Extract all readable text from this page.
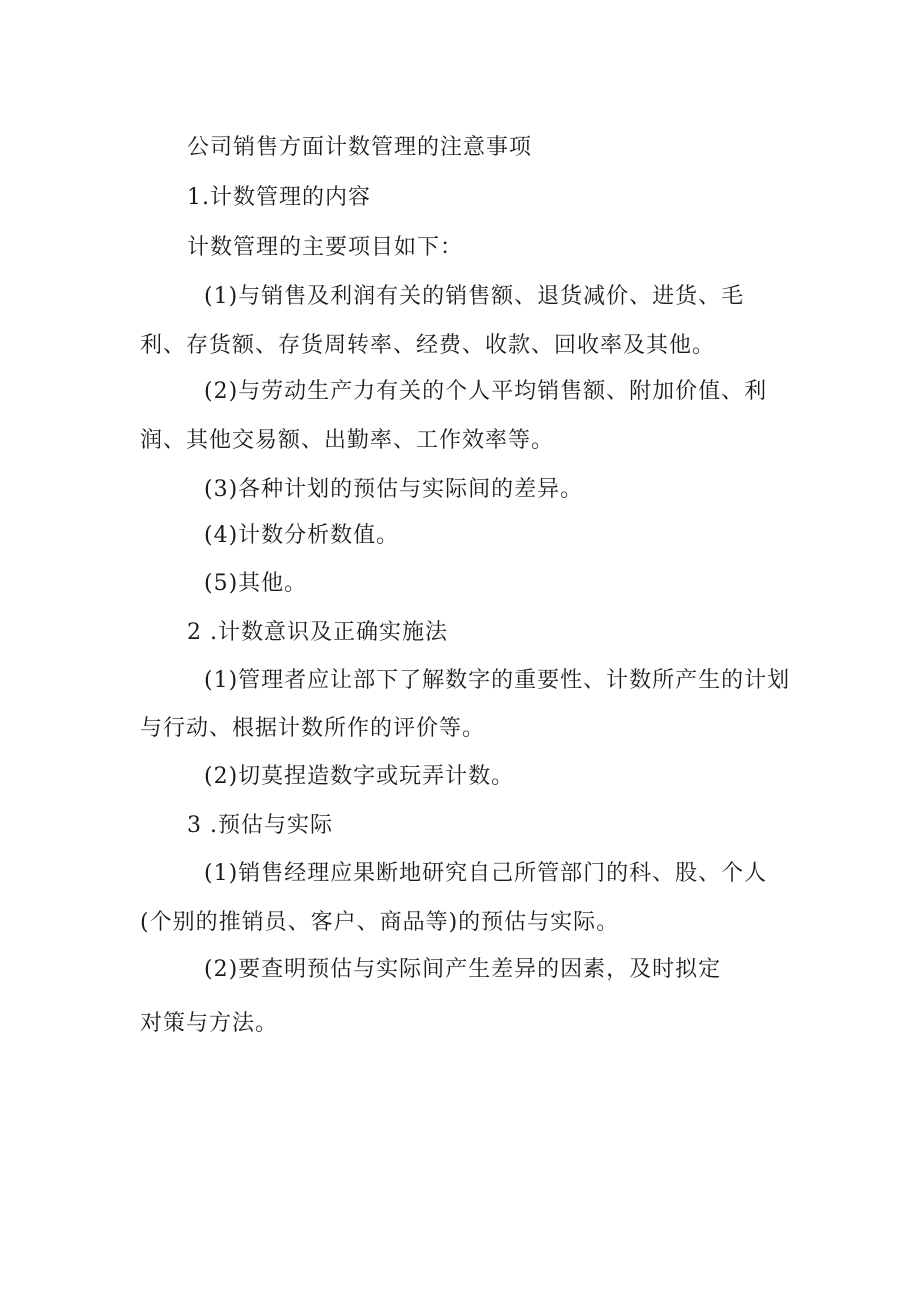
公司销售方面计数管理的注意事项
1.计数管理的内容
计数管理的主要项目如下：
(1)与销售及利润有关的销售额、退货减价、进货、毛
利、存货额、存货周转率、经费、收款、回收率及其他。
(2)与劳动生产力有关的个人平均销售额、附加价值、利
润、其他交易额、出勤率、工作效率等。
(3)各种计划的预估与实际间的差异。
(4)计数分析数值。
(5)其他。
2 .计数意识及正确实施法
(1)管理者应让部下了解数字的重要性、计数所产生的计划
与行动、根据计数所作的评价等。
(2)切莫捏造数字或玩弄计数。
3 .预估与实际
(1)销售经理应果断地研究自己所管部门的科、股、个人
(个别的推销员、客户、商品等)的预估与实际。
(2)要查明预估与实际间产生差异的因素，及时拟定
对策与方法。
